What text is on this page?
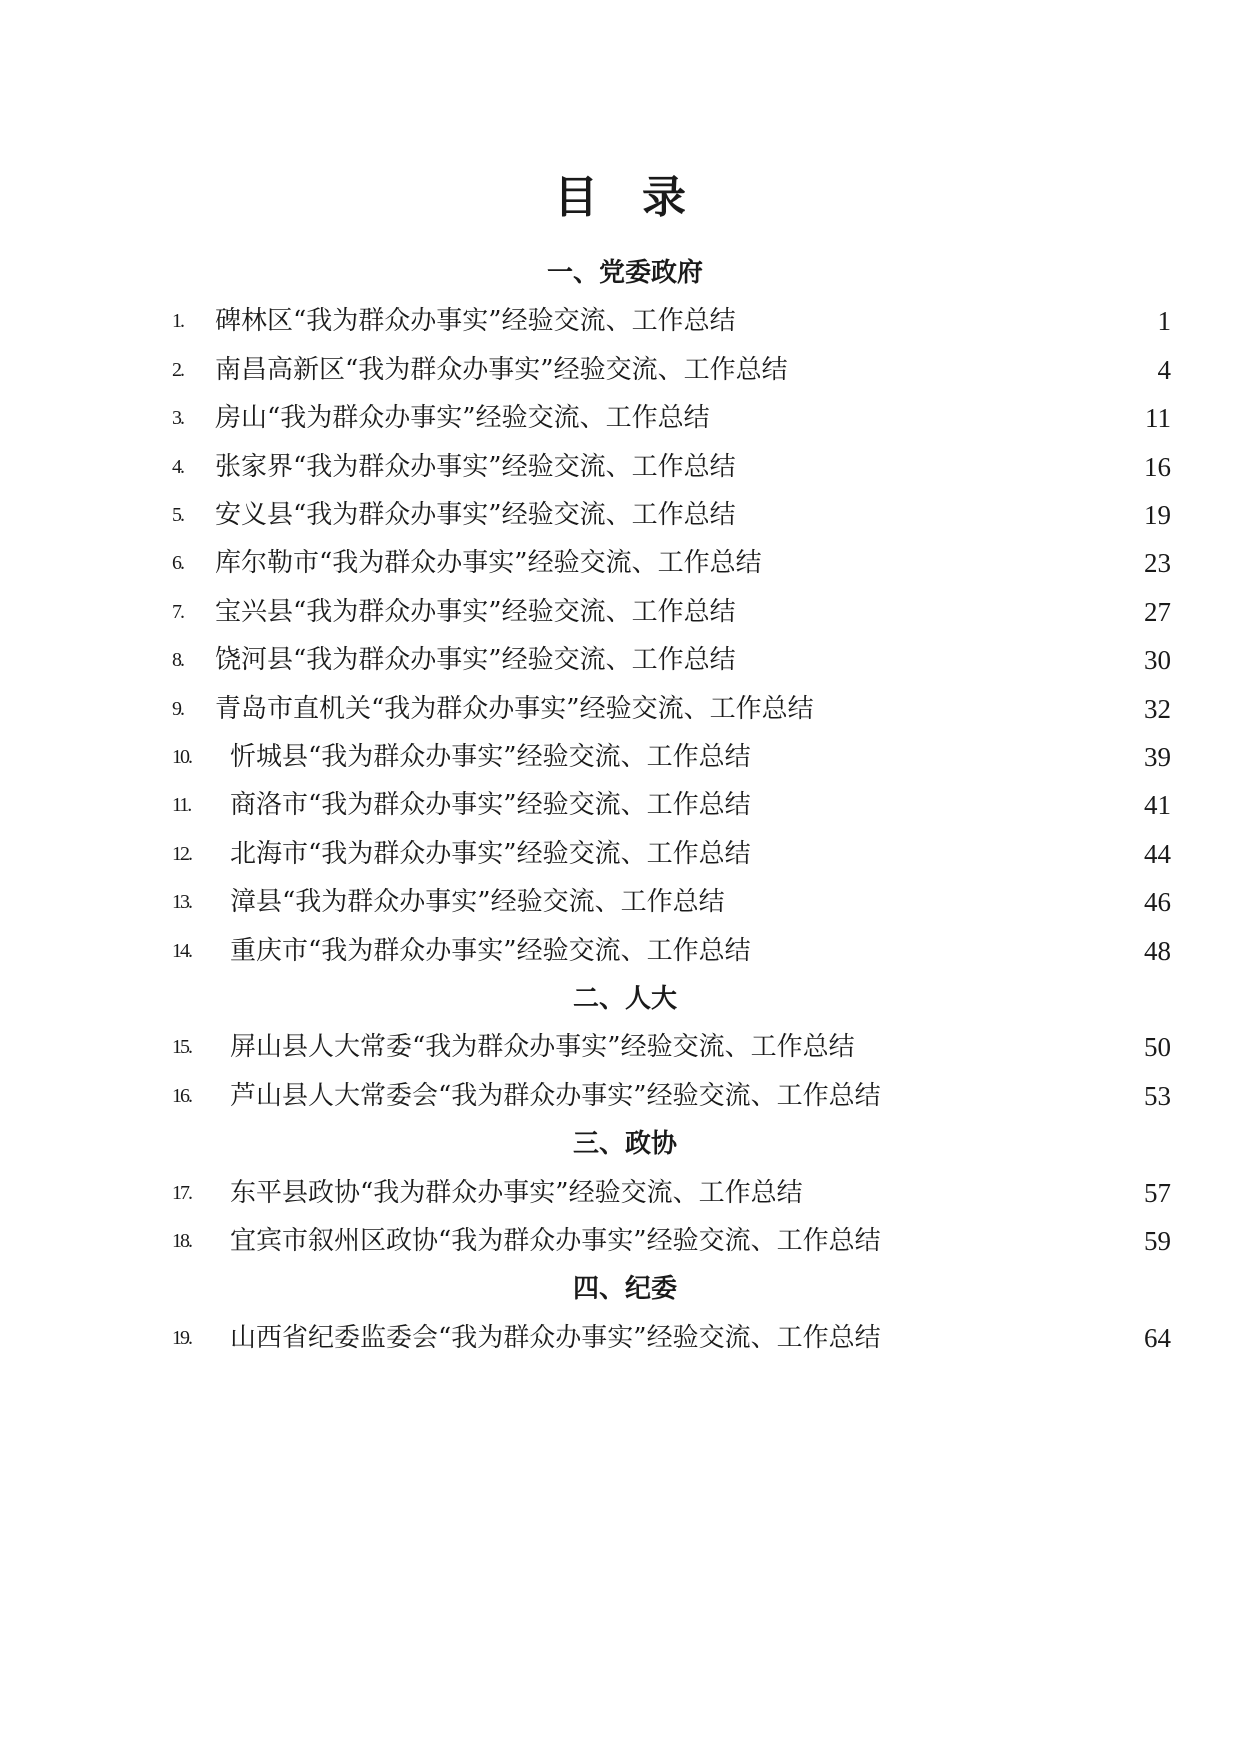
目 录
一、党委政府
1. 碑林区“我为群众办事实”经验交流、工作总结	1
2. 南昌高新区“我为群众办事实”经验交流、工作总结	4
3. 房山“我为群众办事实”经验交流、工作总结	11
4. 张家界“我为群众办事实”经验交流、工作总结	16
5. 安义县“我为群众办事实”经验交流、工作总结	19
6. 库尔勒市“我为群众办事实”经验交流、工作总结	23
7. 宝兴县“我为群众办事实”经验交流、工作总结	27
8. 饶河县“我为群众办事实”经验交流、工作总结	30
9. 青岛市直机关“我为群众办事实”经验交流、工作总结	32
10. 忻城县“我为群众办事实”经验交流、工作总结	39
11. 商洛市“我为群众办事实”经验交流、工作总结	41
12. 北海市“我为群众办事实”经验交流、工作总结	44
13. 漳县“我为群众办事实”经验交流、工作总结	46
14. 重庆市“我为群众办事实”经验交流、工作总结	48
二、人大
15. 屏山县人大常委“我为群众办事实”经验交流、工作总结	50
16. 芦山县人大常委会“我为群众办事实”经验交流、工作总结	53
三、政协
17. 东平县政协“我为群众办事实”经验交流、工作总结	57
18. 宜宾市叙州区政协“我为群众办事实”经验交流、工作总结	59
四、纪委
19. 山西省纪委监委会“我为群众办事实”经验交流、工作总结	64
